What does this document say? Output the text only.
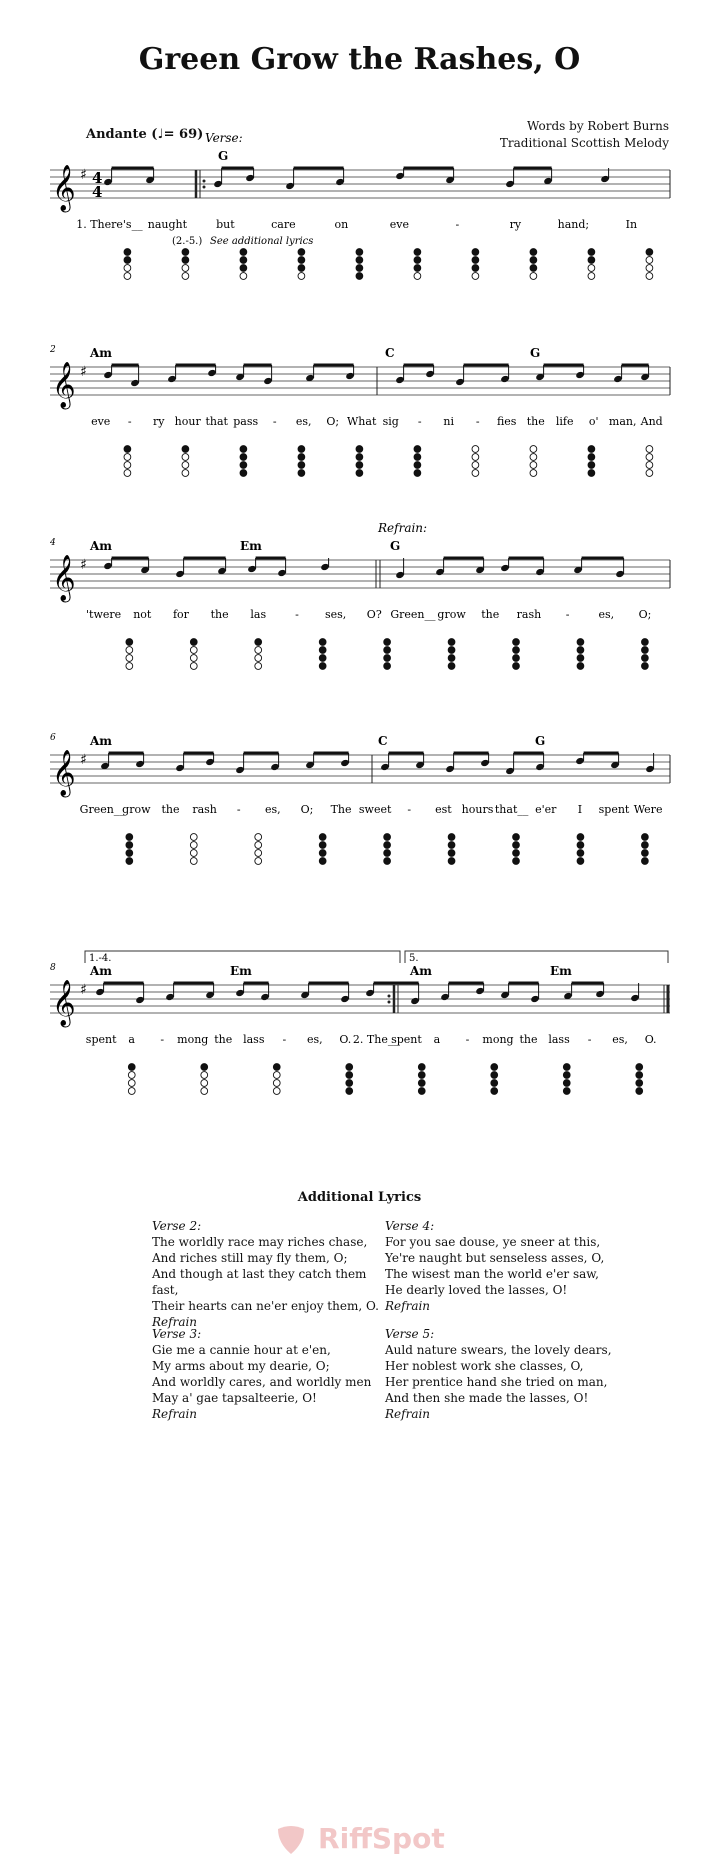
Green Grow the Rashes, O
Andante (♩= 69)
Words by Robert Burns
Traditional Scottish Melody
𝄞 ♯ 4
4
Verse:
G
1. There's__ naught	but	care	on	eve	-	ry	hand;	In
(2.-5.) See additional lyrics
𝄞 ♯
2	Am	C	G
eve - ry hour that pass - es, O; What sig - ni - fies the life o' man, And
𝄞 ♯
4
Refrain:
Am	Em	G
'twere not for the las	- ses, O? Green__ grow the rash -	es, O;
𝄞 ♯
6	Am	C	G
Green__
grow the rash - es, O; The sweet - est hours that__ e'er I spent Were
𝄞 ♯
8
1.-4.	5.
Am	Em	Am	Em
spent a - mong the lass - es, O. 2. The__
spent a - mong the lass - es, O.
Additional Lyrics
Verse 2:
The worldly race may riches chase,
And riches still may fly them, O;
And though at last they catch them fast,
Their hearts can ne'er enjoy them, O.
Refrain
Verse 4:
For you sae douse, ye sneer at this,
Ye're naught but senseless asses, O,
The wisest man the world e'er saw,
He dearly loved the lasses, O!
Refrain
Verse 3:
Gie me a cannie hour at e'en,
My arms about my dearie, O;
And worldly cares, and worldly men
May a' gae tapsalteerie, O!
Refrain
Verse 5:
Auld nature swears, the lovely dears,
Her noblest work she classes, O,
Her prentice hand she tried on man,
And then she made the lasses, O!
Refrain
RiffSpot
